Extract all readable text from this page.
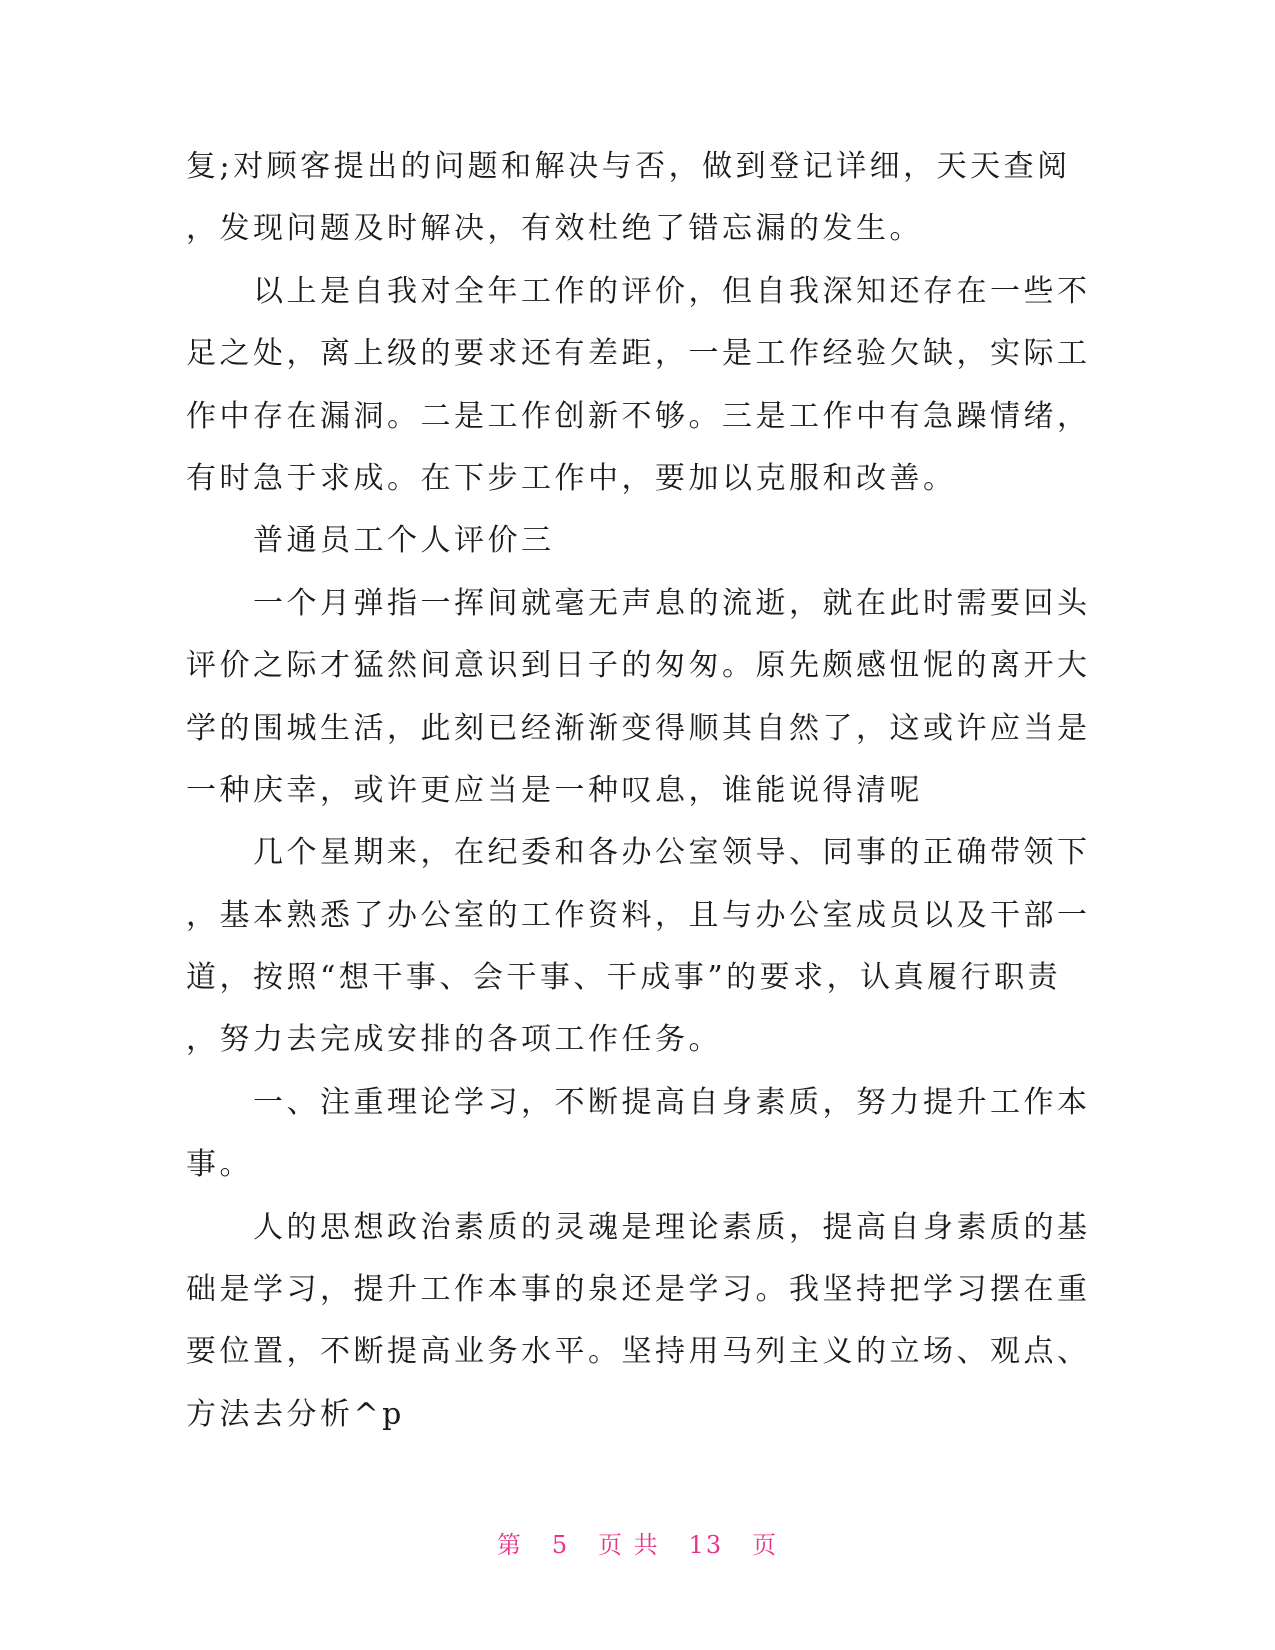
复;对顾客提出的问题和解决与否，做到登记详细，天天查阅
，发现问题及时解决，有效杜绝了错忘漏的发生。
　　以上是自我对全年工作的评价，但自我深知还存在一些不
足之处，离上级的要求还有差距，一是工作经验欠缺，实际工
作中存在漏洞。二是工作创新不够。三是工作中有急躁情绪，
有时急于求成。在下步工作中，要加以克服和改善。
　　普通员工个人评价三
　　一个月弹指一挥间就毫无声息的流逝，就在此时需要回头
评价之际才猛然间意识到日子的匆匆。原先颇感忸怩的离开大
学的围城生活，此刻已经渐渐变得顺其自然了，这或许应当是
一种庆幸，或许更应当是一种叹息，谁能说得清呢
　　几个星期来，在纪委和各办公室领导、同事的正确带领下
，基本熟悉了办公室的工作资料，且与办公室成员以及干部一
道，按照“想干事、会干事、干成事”的要求，认真履行职责
，努力去完成安排的各项工作任务。
　　一、注重理论学习，不断提高自身素质，努力提升工作本
事。
　　人的思想政治素质的灵魂是理论素质，提高自身素质的基
础是学习，提升工作本事的泉还是学习。我坚持把学习摆在重
要位置，不断提高业务水平。坚持用马列主义的立场、观点、
方法去分析^p
第 5 页 共 13 页
